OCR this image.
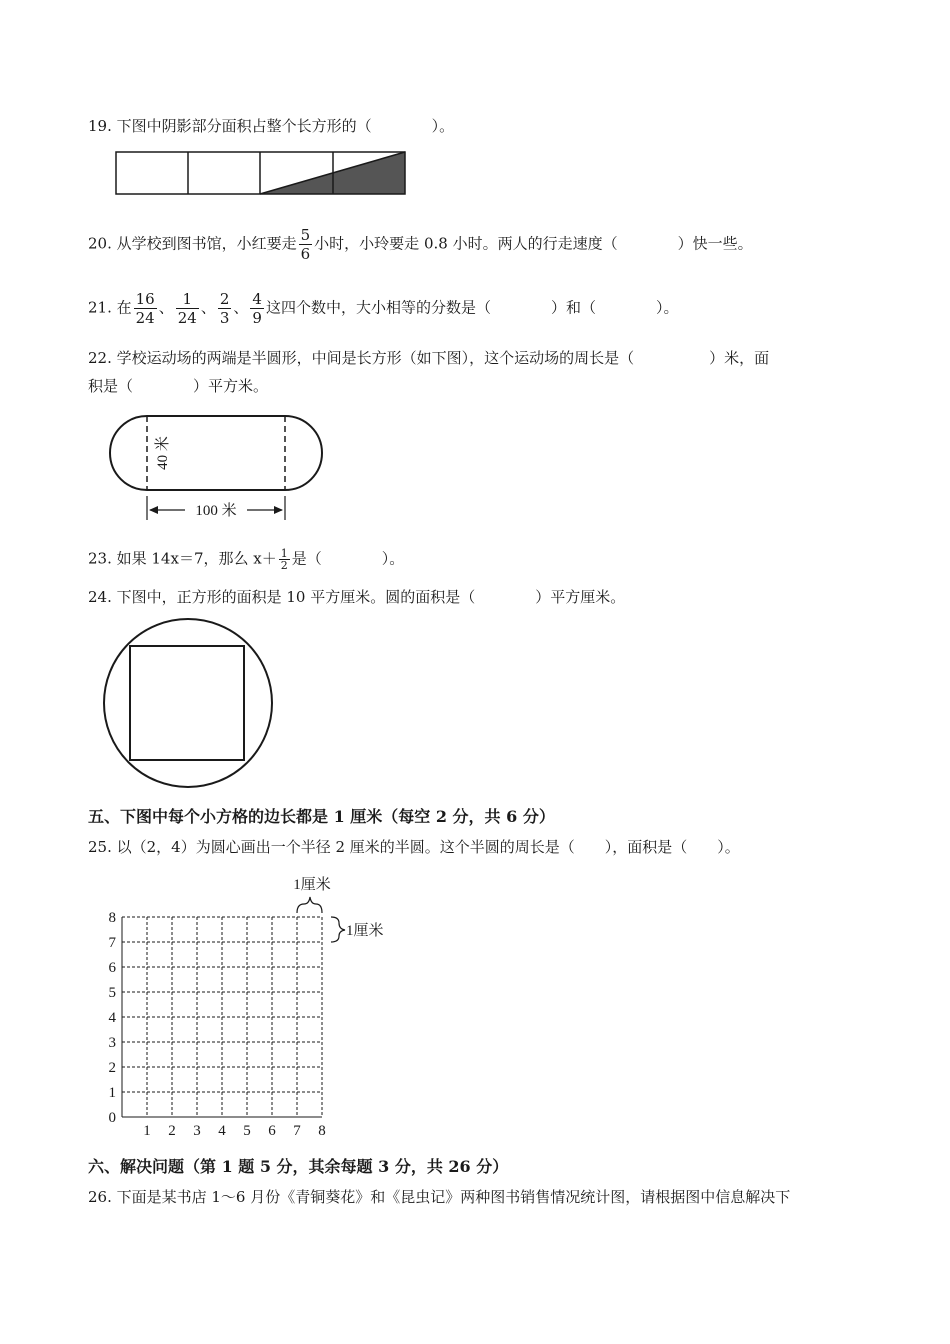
19. 下图中阴影部分面积占整个长方形的（　　　　）。
20. 从学校到图书馆，小红要走 $\frac{5}{6}$ 小时，小玲要走 0.8 小时。两人的行走速度（　　　　）快一些。
21. 在 $\frac{16}{24}$ 、 $\frac{1}{24}$ 、 $\frac{2}{3}$ 、 $\frac{4}{9}$ 这四个数中，大小相等的分数是（　　　　）和（　　　　）。
22. 学校运动场的两端是半圆形，中间是长方形（如下图），这个运动场的周长是（　　　　　）米，面
积是（　　　　）平方米。
40 米
100 米
23. 如果 14x＝7，那么 $x+ \frac{1}{2}$ 是（　　　　）。
24. 下图中，正方形的面积是 10 平方厘米。圆的面积是（　　　　）平方厘米。
五、下图中每个小方格的边长都是 1 厘米（每空 2 分，共 6 分）
25. 以（2，4）为圆心画出一个半径 2 厘米的半圆。这个半圆的周长是（　　），面积是（　　）。
0
1
2
3
4
5
6
7
8
1 2 3 4 5 6 7 8
1厘米
1厘米
六、解决问题（第 1 题 5 分，其余每题 3 分，共 26 分）
26. 下面是某书店 1～6 月份《青铜葵花》和《昆虫记》两种图书销售情况统计图，请根据图中信息解决下
